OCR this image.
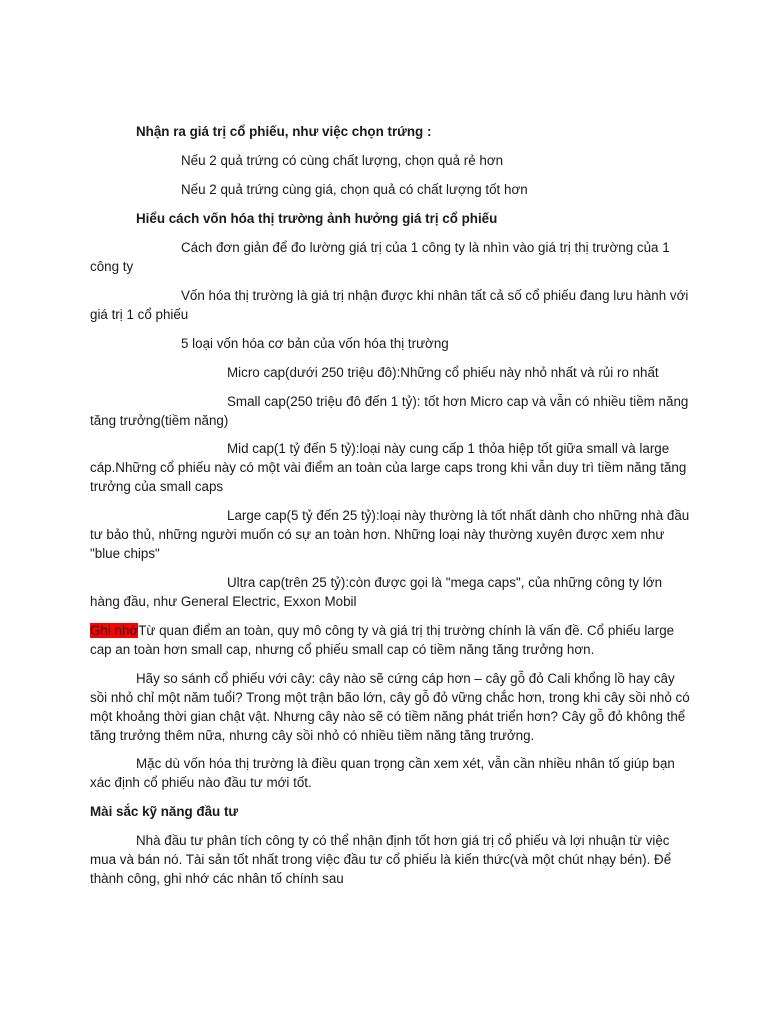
Nhận ra giá trị cổ phiếu, như việc chọn trứng :

Nếu 2 quả trứng có cùng chất lượng, chọn quả rẻ hơn

Nếu 2 quả trứng cùng giá, chọn quả có chất lượng tốt hơn

Hiểu cách vốn hóa thị trường ảnh hưởng giá trị cổ phiếu

Cách đơn giản để đo lường giá trị của 1 công ty là nhìn vào giá trị thị trường của 1 công ty

Vốn hóa thị trường là giá trị nhận được khi nhân tất cả số cổ phiếu đang lưu hành với giá trị 1 cổ phiếu

5 loại vốn hóa cơ bản của vốn hóa thị trường

Micro cap(dưới 250 triệu đô):Những cổ phiếu này nhỏ nhất và rủi ro nhất

Small cap(250 triệu đô đến 1 tỷ): tốt hơn Micro cap và vẫn có nhiều tiềm năng tăng trưởng(tiềm năng)

Mid cap(1 tỷ đến 5 tỷ):loại này cung cấp 1 thỏa hiệp tốt giữa small và large cáp.Những cổ phiếu này có một vài điểm an toàn của large caps trong khi vẫn duy trì tiềm năng tăng trưởng của small caps

Large cap(5 tỷ đến 25 tỷ):loại này thường là tốt nhất dành cho những nhà đầu tư bảo thủ, những người muốn có sự an toàn hơn. Những loại này thường xuyên được xem như "blue chips"

Ultra cap(trên 25 tỷ):còn được gọi là "mega caps", của những công ty lớn hàng đầu, như General Electric, Exxon Mobil

Ghi nhớTừ quan điểm an toàn, quy mô công ty và giá trị thị trường chính là vấn đề. Cổ phiếu large cap an toàn hơn small cap, nhưng cổ phiếu small cap có tiềm năng tăng trưởng hơn.

Hãy so sánh cổ phiếu với cây: cây nào sẽ cứng cáp hơn – cây gỗ đỏ Cali khổng lồ hay cây sồi nhỏ chỉ một năm tuổi? Trong một trận bão lớn, cây gỗ đỏ vững chắc hơn, trong khi cây sồi nhỏ có một khoảng thời gian chật vật. Nhưng cây nào sẽ có tiềm năng phát triển hơn? Cây gỗ đỏ không thể tăng trưởng thêm nữa, nhưng cây sồi nhỏ có nhiều tiềm năng tăng trưởng.

Mặc dù vốn hóa thị trường là điều quan trọng cần xem xét, vẫn cần nhiều nhân tố giúp bạn xác định cổ phiếu nào đầu tư mới tốt.

Mài sắc kỹ năng đầu tư

Nhà đầu tư phân tích công ty có thể nhận định tốt hơn giá trị cổ phiếu và lợi nhuận từ việc mua và bán nó. Tài sản tốt nhất trong việc đầu tư cổ phiếu là kiến thức(và một chút nhạy bén). Để thành công, ghi nhớ các nhân tố chính sau
